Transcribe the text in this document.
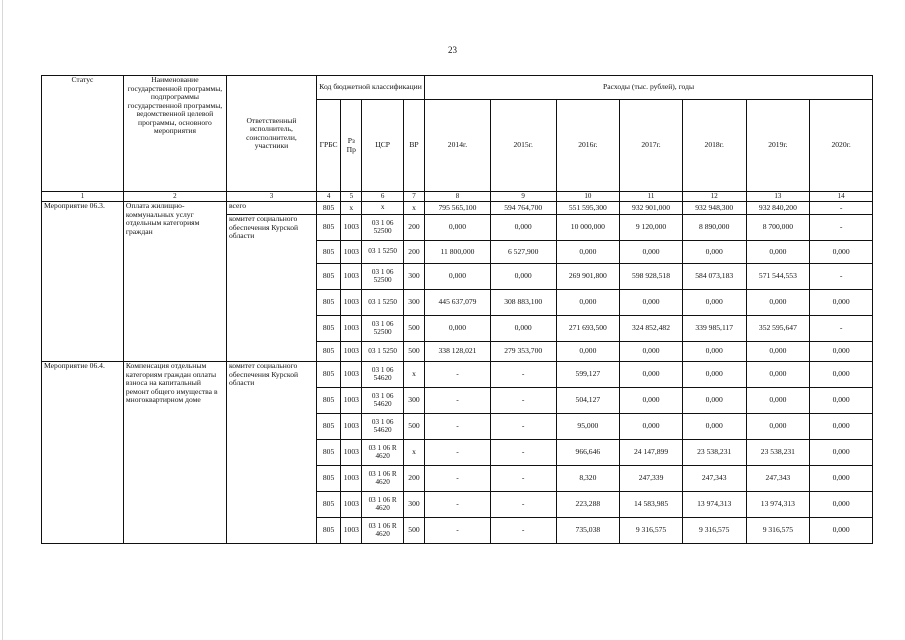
23
Статус	Наименование государственной программы, подпрограммы государственной программы, ведомственной целевой программы, основного мероприятия	Ответственный исполнитель, соисполнители, участники	Код бюджетной классификации				Расходы (тыс. рублей), годы						
			ГРБС	Рз Пр	ЦСР	ВР	2014г.	2015г.	2016г.	2017г.	2018г.	2019г.	2020г.
1	2	3	4	5	6	7	8	9	10	11	12	13	14
Мероприятие 06.3.	Оплата жилищно-коммунальных услуг отдельным категориям граждан	всего	805	х	х	х	795 565,100	594 764,700	551 595,300	932 901,000	932 948,300	932 840,200	-
		комитет социального обеспечения Курской области	805	1003	03 1 06 52500	200	0,000	0,000	10 000,000	9 120,000	8 890,000	8 700,000	-
			805	1003	03 1 5250	200	11 800,000	6 527,900	0,000	0,000	0,000	0,000	0,000
			805	1003	03 1 06 52500	300	0,000	0,000	269 901,800	598 928,518	584 073,183	571 544,553	-
			805	1003	03 1 5250	300	445 637,079	308 883,100	0,000	0,000	0,000	0,000	0,000
			805	1003	03 1 06 52500	500	0,000	0,000	271 693,500	324 852,482	339 985,117	352 595,647	-
			805	1003	03 1 5250	500	338 128,021	279 353,700	0,000	0,000	0,000	0,000	0,000
Мероприятие 06.4.	Компенсация отдельным категориям граждан оплаты взноса на капитальный ремонт общего имущества в многоквартирном доме	комитет социального обеспечения Курской области	805	1003	03 1 06 54620	х	-	-	599,127	0,000	0,000	0,000	0,000
			805	1003	03 1 06 54620	300	-	-	504,127	0,000	0,000	0,000	0,000
			805	1003	03 1 06 54620	500	-	-	95,000	0,000	0,000	0,000	0,000
			805	1003	03 1 06 R 4620	х	-	-	966,646	24 147,899	23 538,231	23 538,231	0,000
			805	1003	03 1 06 R 4620	200	-	-	8,320	247,339	247,343	247,343	0,000
			805	1003	03 1 06 R 4620	300	-	-	223,288	14 583,985	13 974,313	13 974,313	0,000
			805	1003	03 1 06 R 4620	500	-	-	735,038	9 316,575	9 316,575	9 316,575	0,000
